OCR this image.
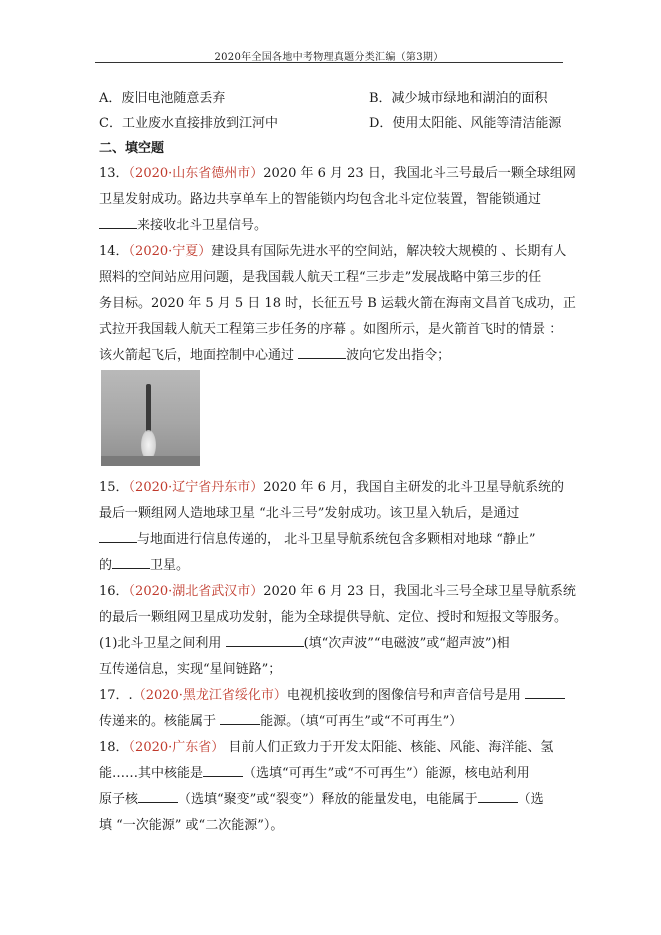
2020年全国各地中考物理真题分类汇编（第3期）
A．废旧电池随意丢弃	B．减少城市绿地和湖泊的面积
C．工业废水直接排放到江河中	D．使用太阳能、风能等清洁能源
二、填空题
13．（2020·山东省德州市）2020 年 6 月 23 日，我国北斗三号最后一颗全球组网
卫星发射成功。路边共享单车上的智能锁内均包含北斗定位装置，智能锁通过
来接收北斗卫星信号。
14．（2020·宁夏）建设具有国际先进水平的空间站，解决较大规模的 、长期有人
照料的空间站应用问题，是我国载人航天工程“三步走”发展战略中第三步的任
务目标。2020 年 5 月 5 日 18 时，长征五号 B 运载火箭在海南文昌首飞成功，正
式拉开我国载人航天工程第三步任务的序幕 。如图所示，是火箭首飞时的情景 ：
该火箭起飞后，地面控制中心通过	波向它发出指令；
15．（2020·辽宁省丹东市）2020 年 6 月，我国自主研发的北斗卫星导航系统的
最后一颗组网人造地球卫星 “北斗三号”发射成功。该卫星入轨后，是通过
与地面进行信息传递的， 北斗卫星导航系统包含多颗相对地球 “静止”
的	卫星。
16．（2020·湖北省武汉市）2020 年 6 月 23 日，我国北斗三号全球卫星导航系统
的最后一颗组网卫星成功发射，能为全球提供导航、定位、授时和短报文等服务。
(1)北斗卫星之间利用	(填“次声波”“电磁波”或“超声波”)相
互传递信息，实现“星间链路”；
17．.（2020·黑龙江省绥化市）电视机接收到的图像信号和声音信号是用
传递来的。核能属于	能源。（填“可再生”或“不可再生”）
18．（2020·广东省） 目前人们正致力于开发太阳能、核能、风能、海洋能、氢
能……其中核能是	（选填“可再生”或“不可再生”）能源，核电站利用
原子核	（选填“聚变”或“裂变”）释放的能量发电，电能属于	（选
填 “一次能源” 或“二次能源”）。
